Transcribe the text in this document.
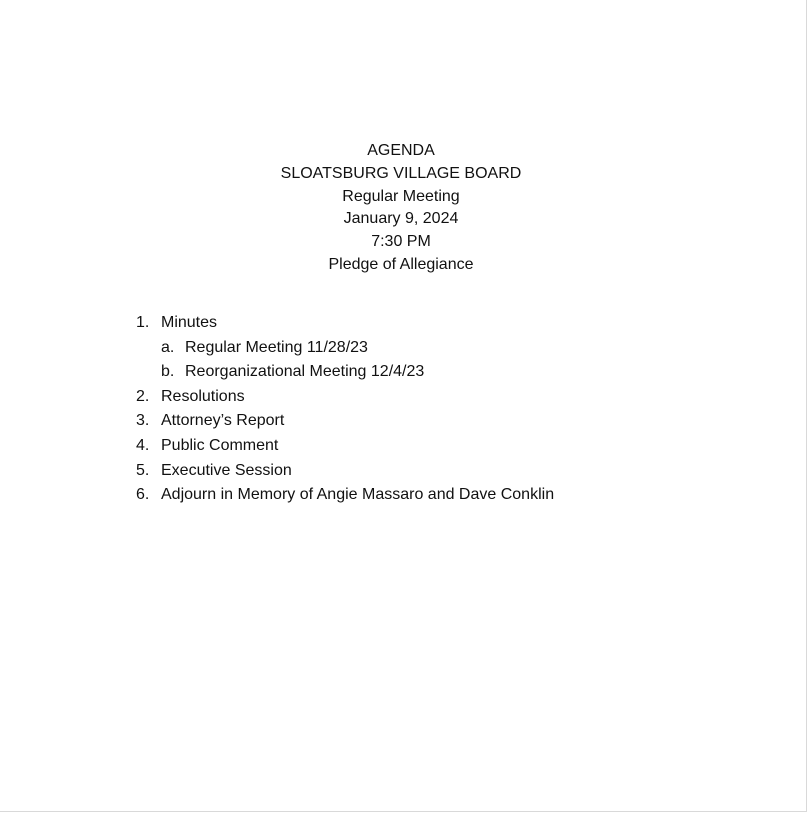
AGENDA
SLOATSBURG VILLAGE BOARD
Regular Meeting
January 9, 2024
7:30 PM
Pledge of Allegiance
1. Minutes
a. Regular Meeting 11/28/23
b. Reorganizational Meeting 12/4/23
2. Resolutions
3. Attorney’s Report
4. Public Comment
5. Executive Session
6. Adjourn in Memory of Angie Massaro and Dave Conklin
